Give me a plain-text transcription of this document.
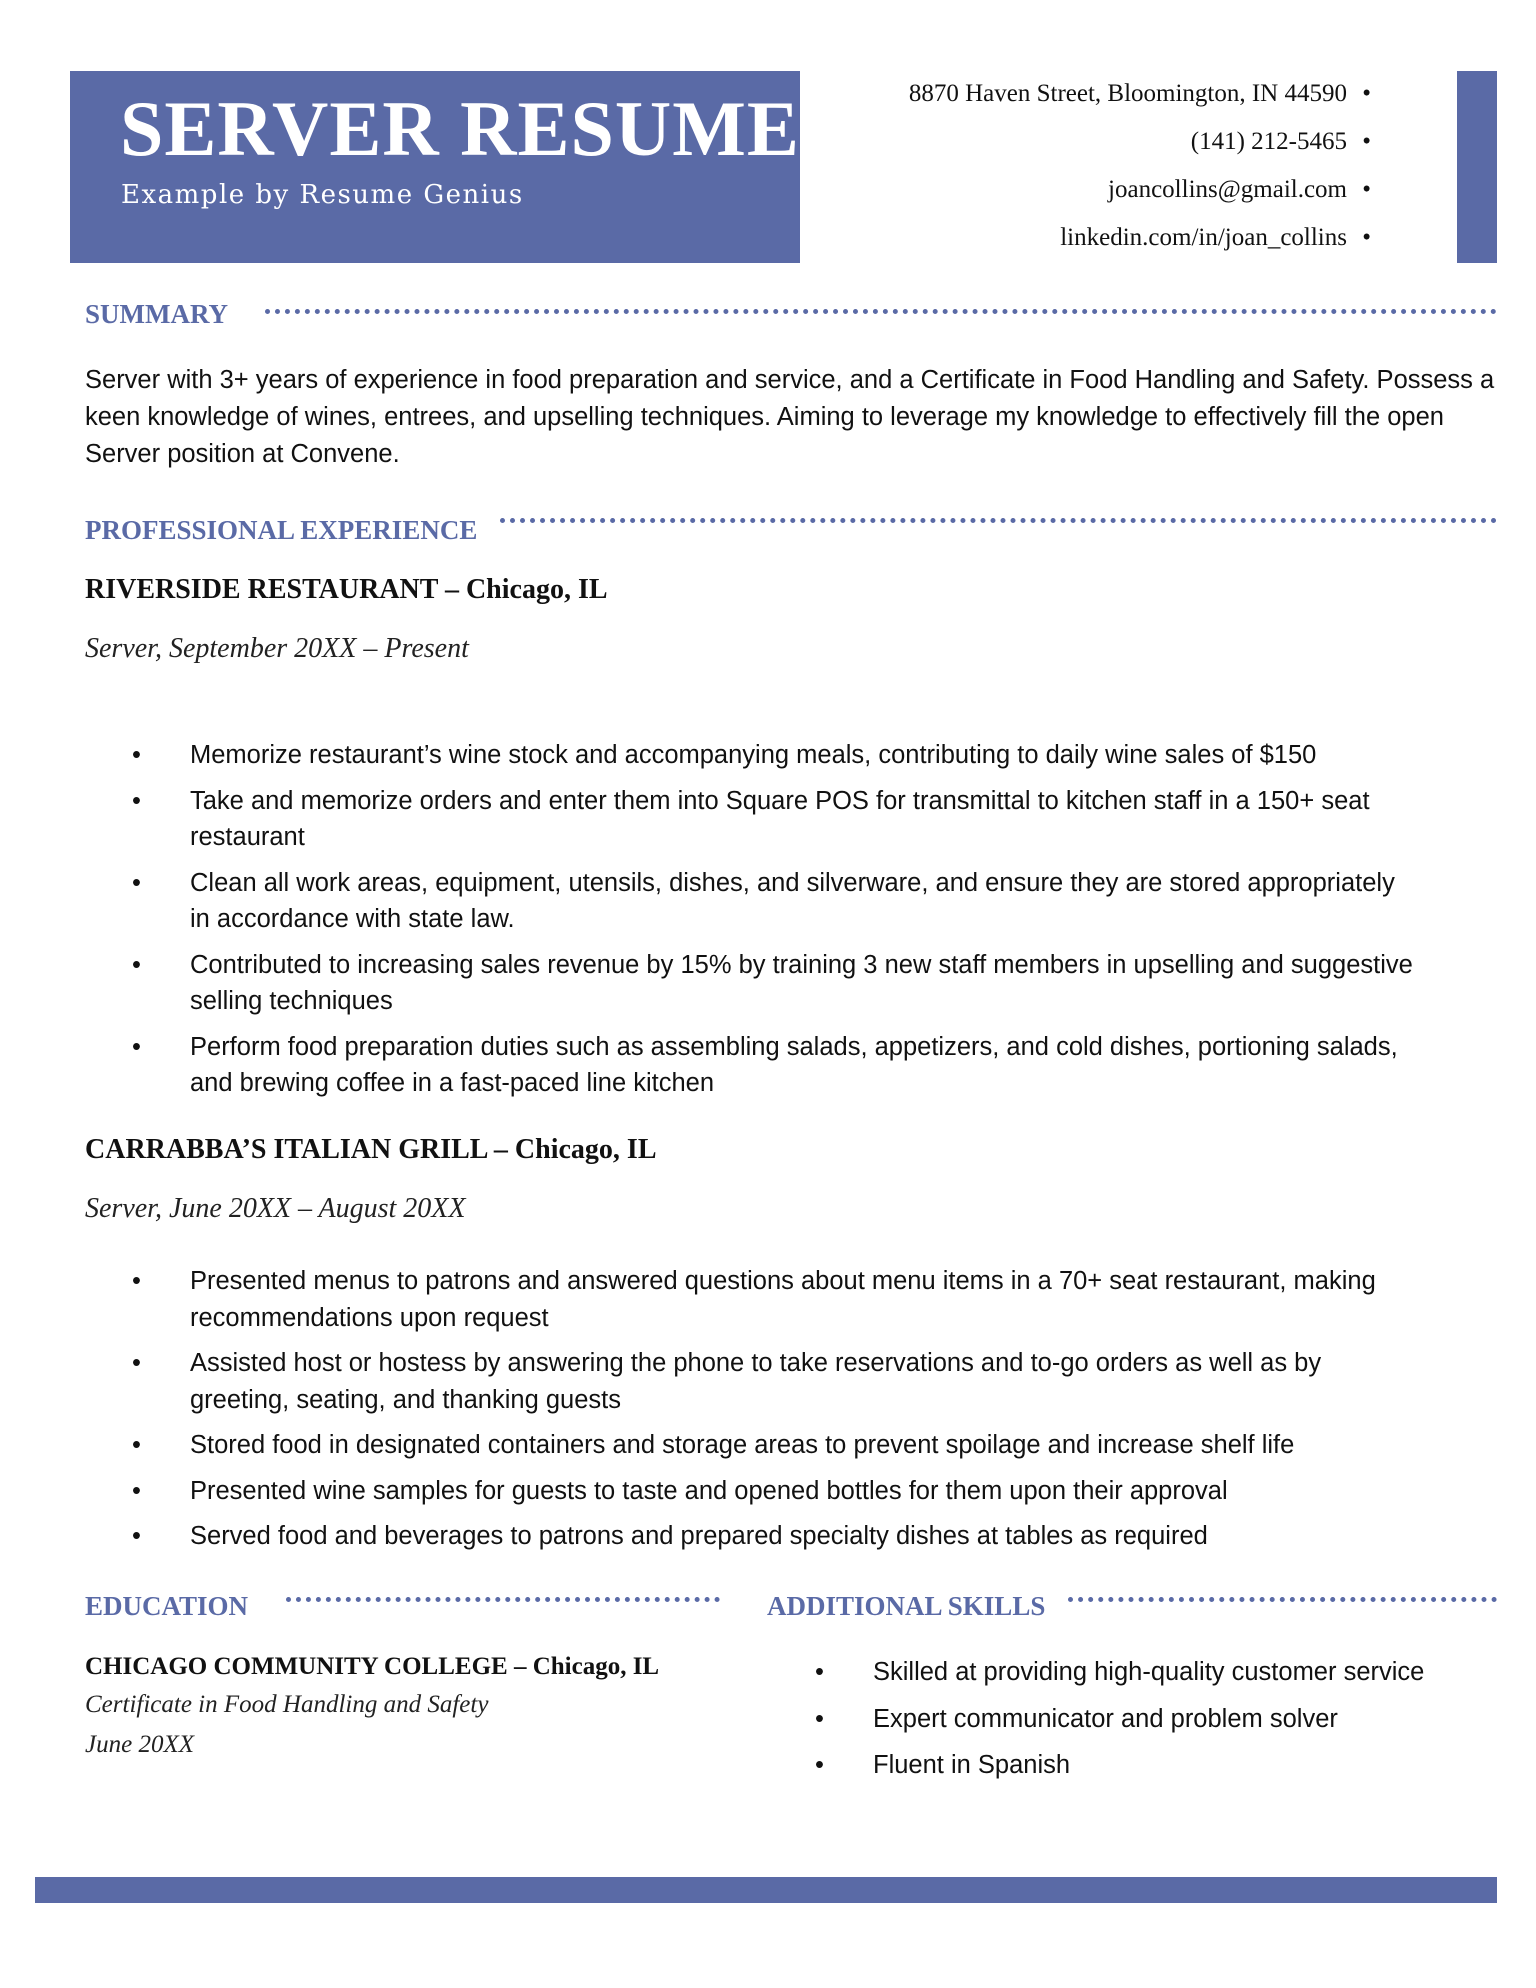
SERVER RESUME
Example by Resume Genius
8870 Haven Street, Bloomington, IN 44590 •
(141) 212-5465 •
joancollins@gmail.com •
linkedin.com/in/joan_collins •
SUMMARY
Server with 3+ years of experience in food preparation and service, and a Certificate in Food Handling and Safety. Possess a keen knowledge of wines, entrees, and upselling techniques. Aiming to leverage my knowledge to effectively fill the open Server position at Convene.
PROFESSIONAL EXPERIENCE
RIVERSIDE RESTAURANT – Chicago, IL
Server, September 20XX – Present
• Memorize restaurant’s wine stock and accompanying meals, contributing to daily wine sales of $150
• Take and memorize orders and enter them into Square POS for transmittal to kitchen staff in a 150+ seat restaurant
• Clean all work areas, equipment, utensils, dishes, and silverware, and ensure they are stored appropriately in accordance with state law.
• Contributed to increasing sales revenue by 15% by training 3 new staff members in upselling and suggestive selling techniques
• Perform food preparation duties such as assembling salads, appetizers, and cold dishes, portioning salads, and brewing coffee in a fast-paced line kitchen
CARRABBA’S ITALIAN GRILL – Chicago, IL
Server, June 20XX – August 20XX
• Presented menus to patrons and answered questions about menu items in a 70+ seat restaurant, making recommendations upon request
• Assisted host or hostess by answering the phone to take reservations and to-go orders as well as by greeting, seating, and thanking guests
• Stored food in designated containers and storage areas to prevent spoilage and increase shelf life
• Presented wine samples for guests to taste and opened bottles for them upon their approval
• Served food and beverages to patrons and prepared specialty dishes at tables as required
EDUCATION
CHICAGO COMMUNITY COLLEGE – Chicago, IL
Certificate in Food Handling and Safety
June 20XX
ADDITIONAL SKILLS
• Skilled at providing high-quality customer service
• Expert communicator and problem solver
• Fluent in Spanish
